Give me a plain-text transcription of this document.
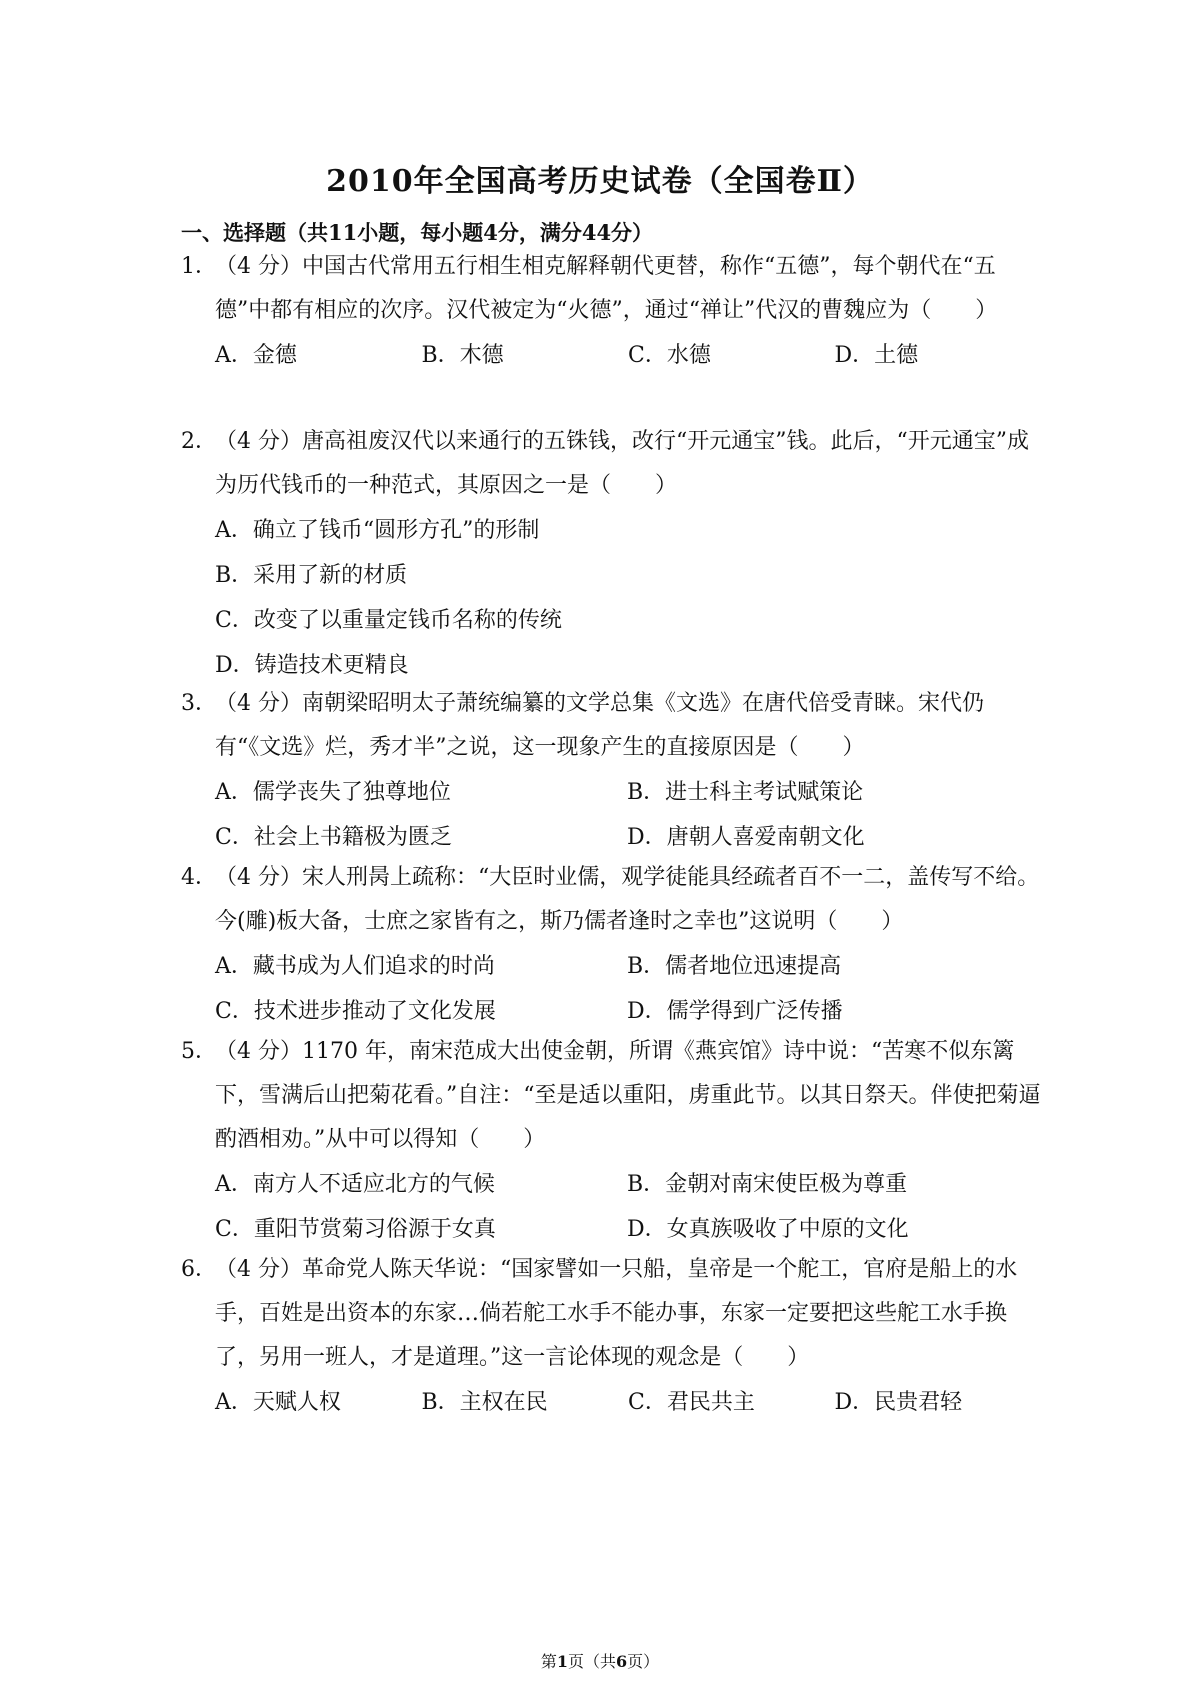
2010年全国高考历史试卷（全国卷Ⅱ）
一、选择题（共11小题，每小题4分，满分44分）
1．
（4 分）中国古代常用五行相生相克解释朝代更替，称作“五德”，每个朝代在“五德”中都有相应的次序。汉代被定为“火德”，通过“禅让”代汉的曹魏应为（　　）
A．金德	B．木德	C．水德	D．土德
2．
（4 分）唐高祖废汉代以来通行的五铢钱，改行“开元通宝”钱。此后，“开元通宝”成为历代钱币的一种范式，其原因之一是（　　）
A．确立了钱币“圆形方孔”的形制
B．采用了新的材质
C．改变了以重量定钱币名称的传统
D．铸造技术更精良
3．
（4 分）南朝梁昭明太子萧统编纂的文学总集《文选》在唐代倍受青睐。宋代仍有“《文选》烂，秀才半”之说，这一现象产生的直接原因是（　　）
A．儒学丧失了独尊地位	B．进士科主考试赋策论
C．社会上书籍极为匮乏	D．唐朝人喜爱南朝文化
4．
（4 分）宋人刑昺上疏称：“大臣时业儒，观学徒能具经疏者百不一二，盖传写不给。今(雕)板大备，士庶之家皆有之，斯乃儒者逢时之幸也”这说明（　　）
A．藏书成为人们追求的时尚	B．儒者地位迅速提高
C．技术进步推动了文化发展	D．儒学得到广泛传播
5．
（4 分）1170 年，南宋范成大出使金朝，所谓《燕宾馆》诗中说：“苦寒不似东篱下，雪满后山把菊花看。”自注：“至是适以重阳，虏重此节。以其日祭天。伴使把菊逼酌酒相劝。”从中可以得知（　　）
A．南方人不适应北方的气候	B．金朝对南宋使臣极为尊重
C．重阳节赏菊习俗源于女真	D．女真族吸收了中原的文化
6．
（4 分）革命党人陈天华说：“国家譬如一只船，皇帝是一个舵工，官府是船上的水手，百姓是出资本的东家…倘若舵工水手不能办事，东家一定要把这些舵工水手换了，另用一班人，才是道理。”这一言论体现的观念是（　　）
A．天赋人权	B．主权在民	C．君民共主	D．民贵君轻
第1页（共6页）
